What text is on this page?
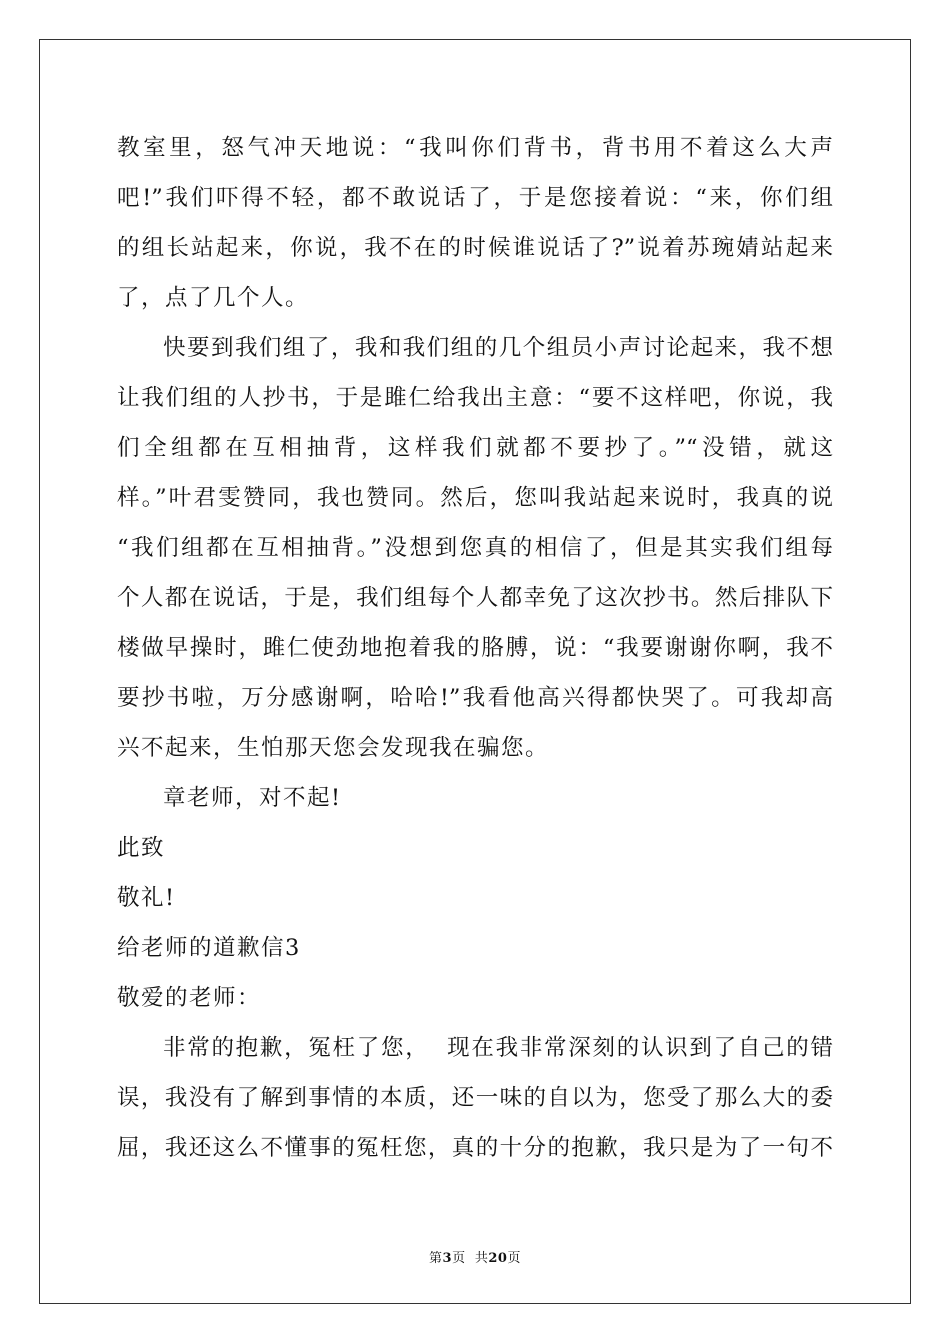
教室里，怒气冲天地说：“我叫你们背书，背书用不着这么大声
吧!”我们吓得不轻，都不敢说话了，于是您接着说：“来，你们组
的组长站起来，你说，我不在的时候谁说话了?”说着苏琬婧站起来
了，点了几个人。
快要到我们组了，我和我们组的几个组员小声讨论起来，我不想
让我们组的人抄书，于是雎仁给我出主意：“要不这样吧，你说，我
们全组都在互相抽背，这样我们就都不要抄了。”“没错，就这
样。”叶君雯赞同，我也赞同。然后，您叫我站起来说时，我真的说
“我们组都在互相抽背。”没想到您真的相信了，但是其实我们组每
个人都在说话，于是，我们组每个人都幸免了这次抄书。然后排队下
楼做早操时，雎仁使劲地抱着我的胳膊，说：“我要谢谢你啊，我不
要抄书啦，万分感谢啊，哈哈!”我看他高兴得都快哭了。可我却高
兴不起来，生怕那天您会发现我在骗您。
章老师，对不起!
此致
敬礼!
给老师的道歉信3
敬爱的老师：
非常的抱歉，冤枉了您，  现在我非常深刻的认识到了自己的错
误，我没有了解到事情的本质，还一味的自以为，您受了那么大的委
屈，我还这么不懂事的冤枉您，真的十分的抱歉，我只是为了一句不
第3页  共20页
